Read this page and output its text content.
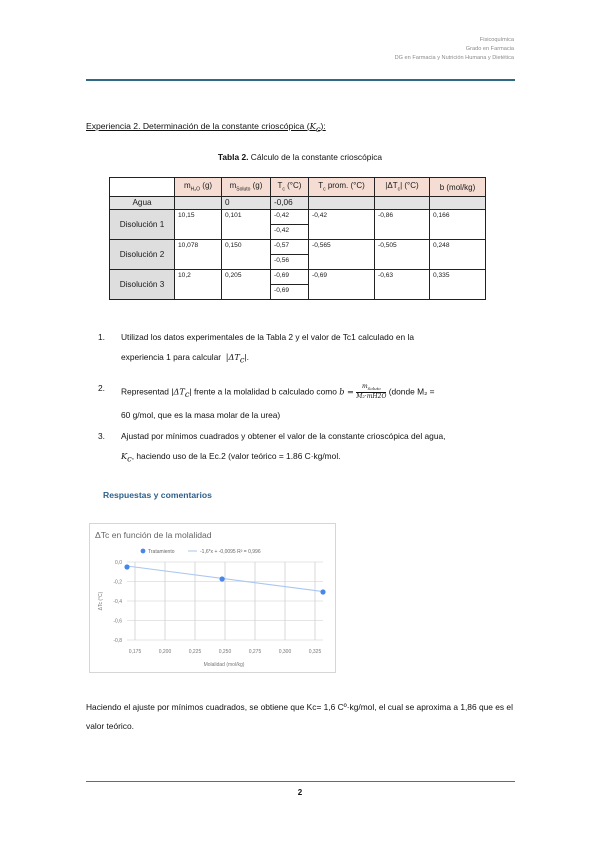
Fisicoquímica
Grado en Farmacia
DG en Farmacia y Nutrición Humana y Dietética
Experiencia 2. Determinación de la constante crioscópica $(K_c)$:
Tabla 2. Cálculo de la constante crioscópica
	$m_{H_2O}$ (g)	$m_{Soluto}$ (g)	$T_c$ (°C)	$T_c$ prom. (°C)	$|\Delta T_c|$ (°C)	b (mol/kg)
Agua		0	-0,06			
Disolución 1	10,15	0,101	-0,42	-0,42	-0,86	0,166
			-0,42			
Disolución 2	10,078	0,150	-0,57	-0,565	-0,505	0,248
			-0,56			
Disolución 3	10,2	0,205	-0,69	-0,69	-0,63	0,335
			-0,69			
1. Utilizad los datos experimentales de la Tabla 2 y el valor de Tc1 calculado en la
experiencia 1 para calcular $|\Delta T_c|$.
2. Representad $|\Delta T_c|$ frente a la molalidad b calculado como $b = \frac{m_{Soluto}}{\text{M₂·mH2O}}$ (donde M₂ =
60 g/mol, que es la masa molar de la urea)
3. Ajustad por mínimos cuadrados y obtener el valor de la constante crioscópica del agua,
$K_c$, haciendo uso de la Ec.2 (valor teórico = 1.86 C·kg/mol.
Respuestas y comentarios
ΔTc en función de la molalidad
Tratamiento	-1,6*x + -0,0095 R² = 0,996
0,0
-0,2
-0,4
-0,6
-0,8
0,175	0,200	0,225	0,250	0,275	0,300	0,325
Molalidad (mol/kg)
ΔTc (°C)
Haciendo el ajuste por mínimos cuadrados, se obtiene que Kc= 1,6 Cº·kg/mol, el cual se aproxima a 1,86 que es el valor teórico.
2
